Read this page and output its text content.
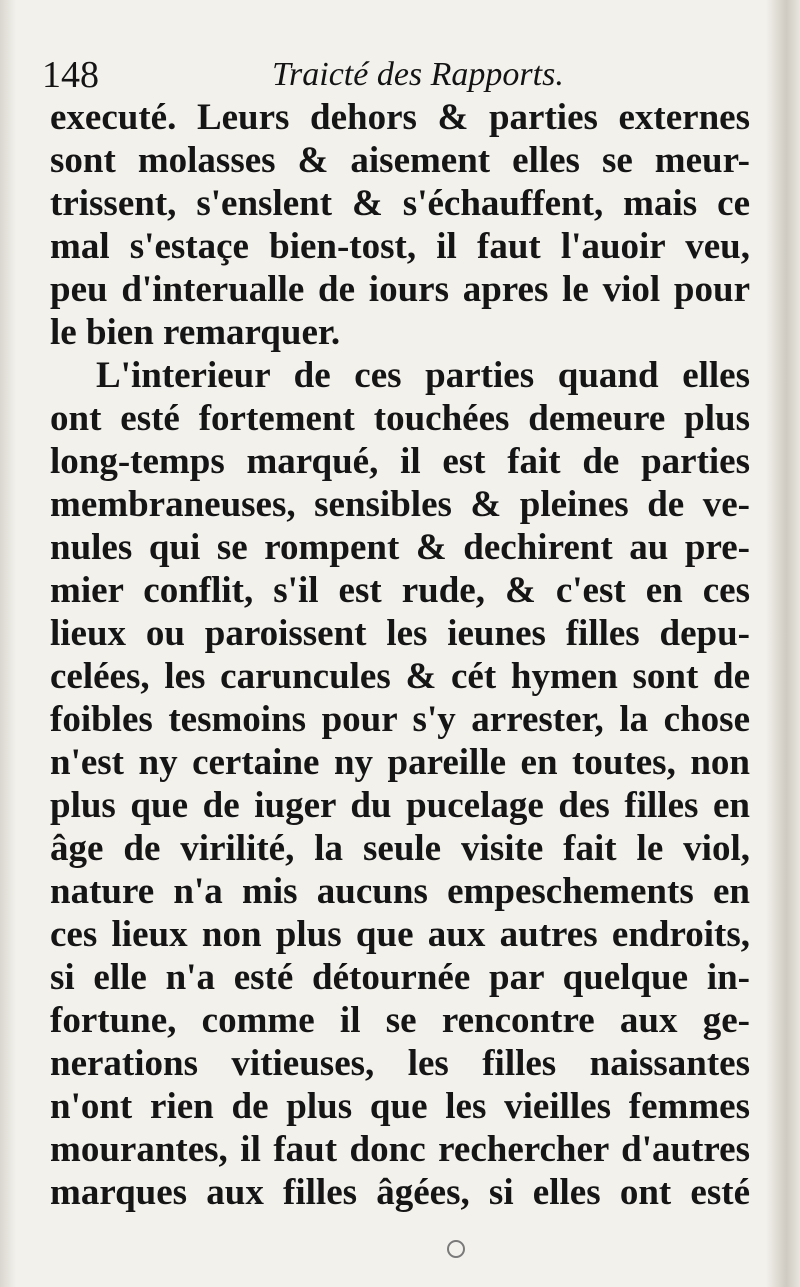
148	Traicté des Rapports.
executé. Leurs dehors & parties externes
sont molasses & aisement elles se meur-
trissent, s'enslent & s'échauffent, mais ce
mal s'estaçe bien-tost, il faut l'auoir veu,
peu d'interualle de iours apres le viol pour
le bien remarquer.
L'interieur de ces parties quand elles
ont esté fortement touchées demeure plus
long-temps marqué, il est fait de parties
membraneuses, sensibles & pleines de ve-
nules qui se rompent & dechirent au pre-
mier conflit, s'il est rude, & c'est en ces
lieux ou paroissent les ieunes filles depu-
celées, les caruncules & cét hymen sont de
foibles tesmoins pour s'y arrester, la chose
n'est ny certaine ny pareille en toutes, non
plus que de iuger du pucelage des filles en
âge de virilité, la seule visite fait le viol,
nature n'a mis aucuns empeschements en
ces lieux non plus que aux autres endroits,
si elle n'a esté détournée par quelque in-
fortune, comme il se rencontre aux ge-
nerations vitieuses, les filles naissantes
n'ont rien de plus que les vieilles femmes
mourantes, il faut donc rechercher d'autres
marques aux filles âgées, si elles ont esté
